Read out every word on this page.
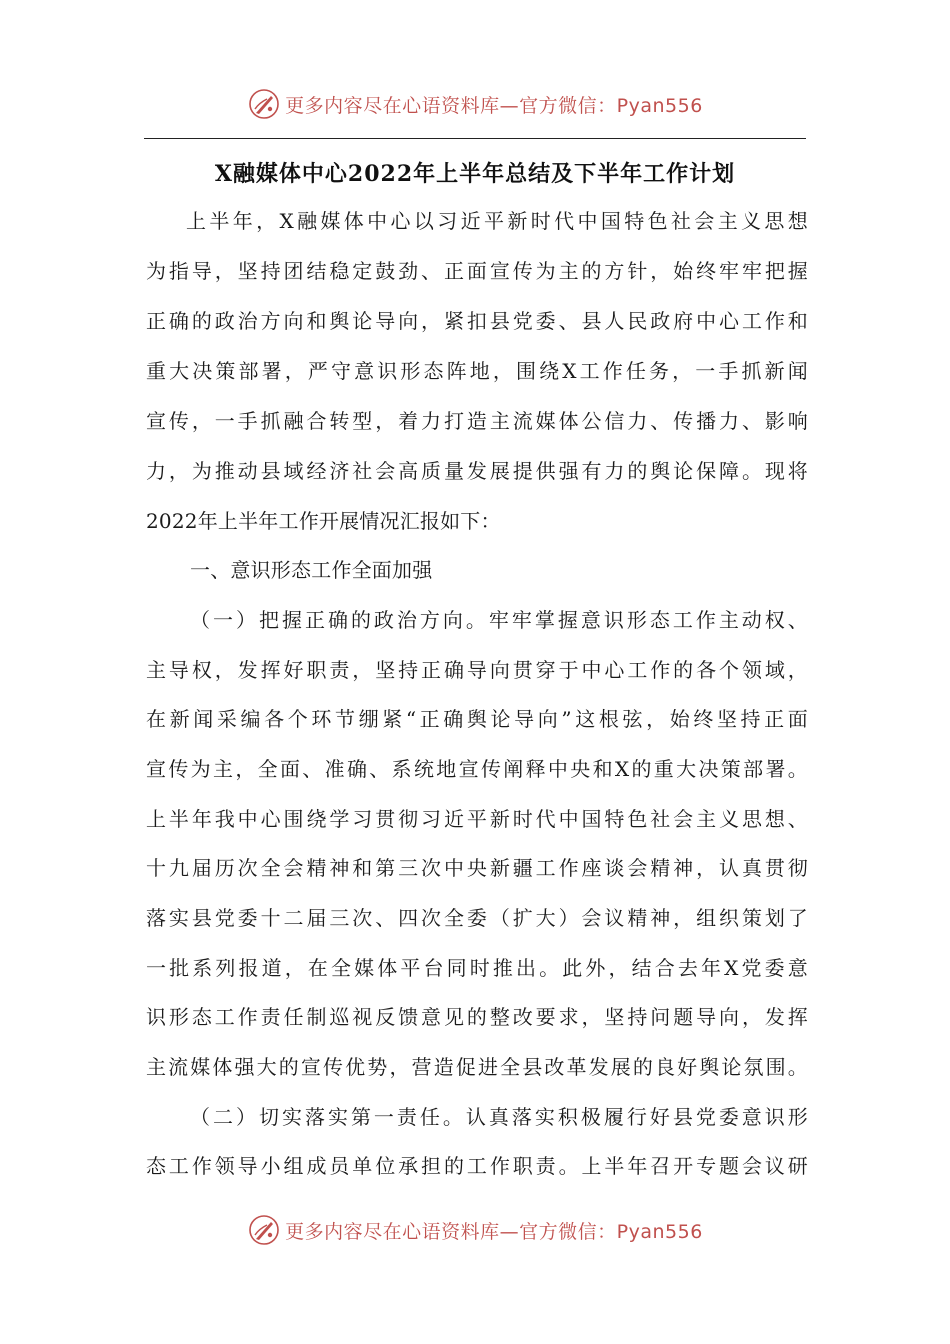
更多内容尽在心语资料库—官方微信：Pyan556
X融媒体中心2022年上半年总结及下半年工作计划
上半年，X融媒体中心以习近平新时代中国特色社会主义思想
为指导，坚持团结稳定鼓劲、正面宣传为主的方针，始终牢牢把握
正确的政治方向和舆论导向，紧扣县党委、县人民政府中心工作和
重大决策部署，严守意识形态阵地，围绕X工作任务，一手抓新闻
宣传，一手抓融合转型，着力打造主流媒体公信力、传播力、影响
力，为推动县域经济社会高质量发展提供强有力的舆论保障。现将
2022年上半年工作开展情况汇报如下：
一、意识形态工作全面加强
（一）把握正确的政治方向。牢牢掌握意识形态工作主动权、
主导权，发挥好职责，坚持正确导向贯穿于中心工作的各个领域，
在新闻采编各个环节绷紧“正确舆论导向”这根弦，始终坚持正面
宣传为主，全面、准确、系统地宣传阐释中央和X的重大决策部署。
上半年我中心围绕学习贯彻习近平新时代中国特色社会主义思想、
十九届历次全会精神和第三次中央新疆工作座谈会精神，认真贯彻
落实县党委十二届三次、四次全委（扩大）会议精神，组织策划了
一批系列报道，在全媒体平台同时推出。此外，结合去年X党委意
识形态工作责任制巡视反馈意见的整改要求，坚持问题导向，发挥
主流媒体强大的宣传优势，营造促进全县改革发展的良好舆论氛围。
（二）切实落实第一责任。认真落实积极履行好县党委意识形
态工作领导小组成员单位承担的工作职责。上半年召开专题会议研
更多内容尽在心语资料库—官方微信：Pyan556
